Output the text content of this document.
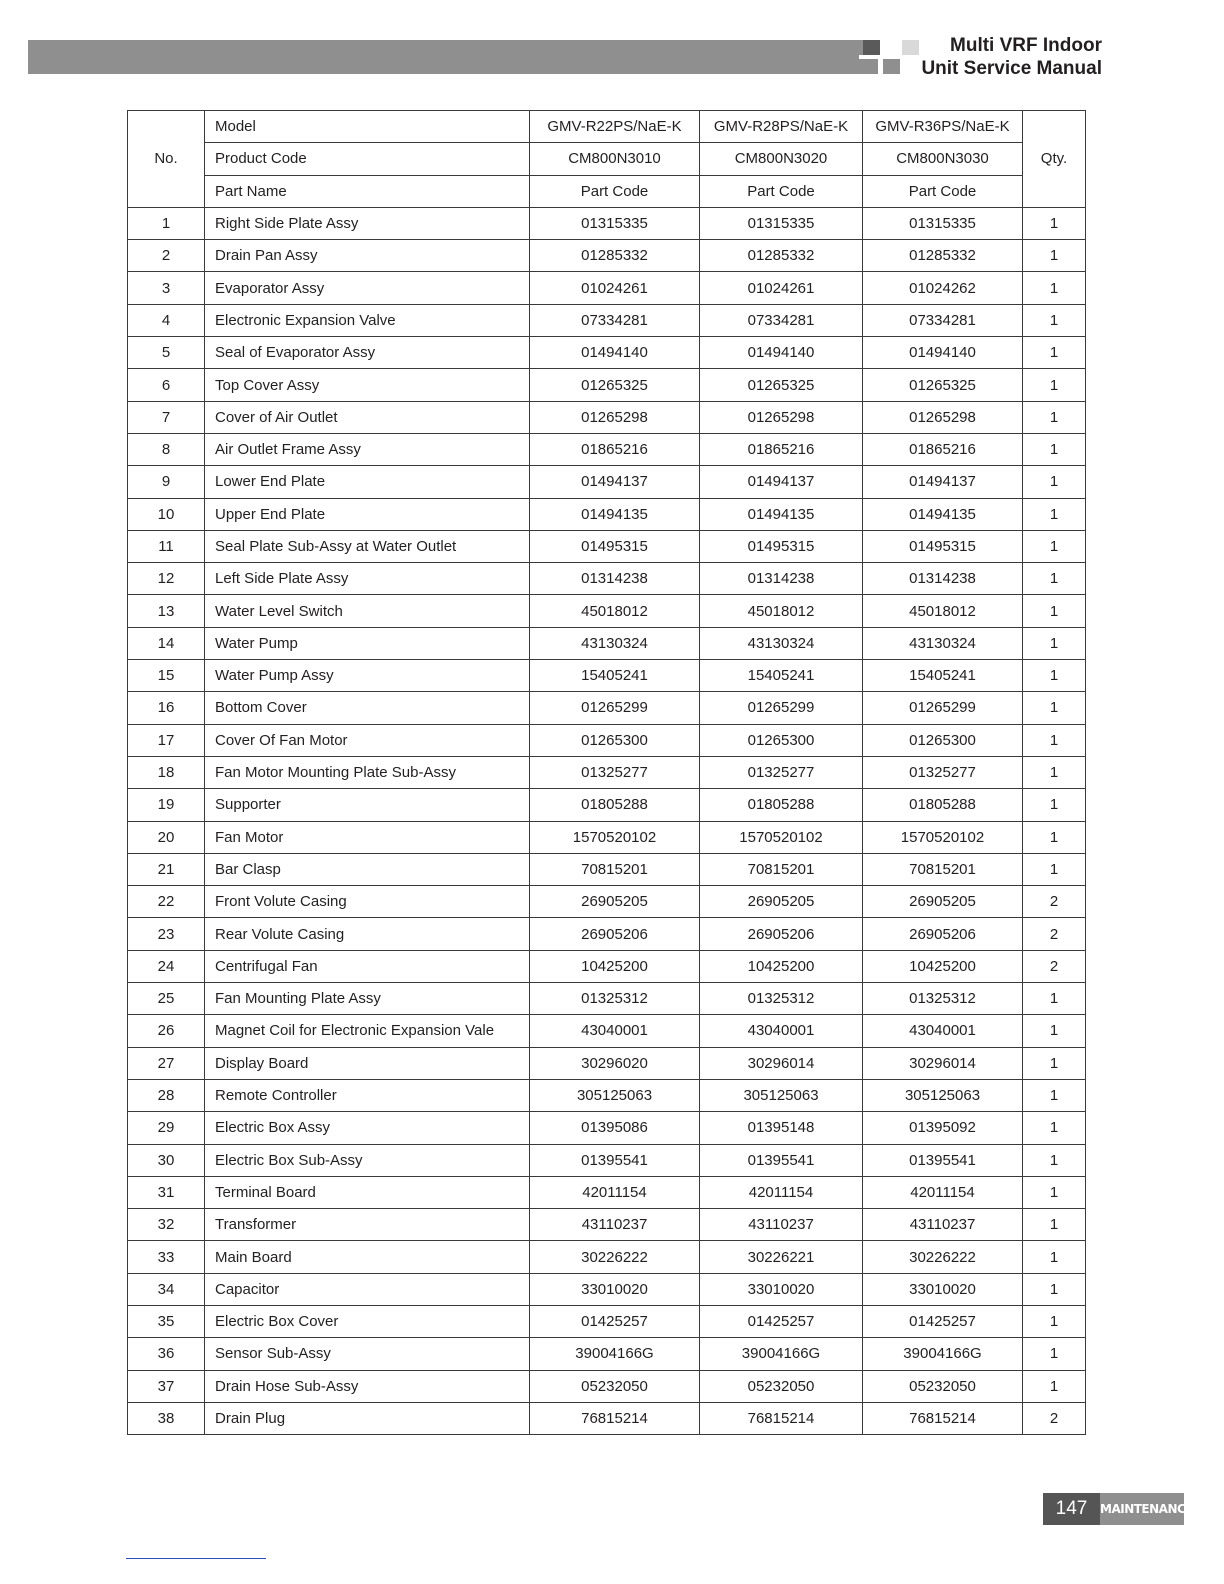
Multi VRF Indoor
Unit Service Manual
No.	Model	GMV-R22PS/NaE-K	GMV-R28PS/NaE-K	GMV-R36PS/NaE-K	Qty.
	Product Code	CM800N3010	CM800N3020	CM800N3030	
	Part Name	Part Code	Part Code	Part Code	
1	Right Side Plate Assy	01315335	01315335	01315335	1
2	Drain Pan Assy	01285332	01285332	01285332	1
3	Evaporator Assy	01024261	01024261	01024262	1
4	Electronic Expansion Valve	07334281	07334281	07334281	1
5	Seal of Evaporator Assy	01494140	01494140	01494140	1
6	Top Cover Assy	01265325	01265325	01265325	1
7	Cover of Air Outlet	01265298	01265298	01265298	1
8	Air Outlet Frame Assy	01865216	01865216	01865216	1
9	Lower End Plate	01494137	01494137	01494137	1
10	Upper End Plate	01494135	01494135	01494135	1
11	Seal Plate Sub-Assy at Water Outlet	01495315	01495315	01495315	1
12	Left Side Plate Assy	01314238	01314238	01314238	1
13	Water Level Switch	45018012	45018012	45018012	1
14	Water Pump	43130324	43130324	43130324	1
15	Water Pump Assy	15405241	15405241	15405241	1
16	Bottom Cover	01265299	01265299	01265299	1
17	Cover Of Fan Motor	01265300	01265300	01265300	1
18	Fan Motor Mounting Plate Sub-Assy	01325277	01325277	01325277	1
19	Supporter	01805288	01805288	01805288	1
20	Fan Motor	1570520102	1570520102	1570520102	1
21	Bar Clasp	70815201	70815201	70815201	1
22	Front Volute Casing	26905205	26905205	26905205	2
23	Rear Volute Casing	26905206	26905206	26905206	2
24	Centrifugal Fan	10425200	10425200	10425200	2
25	Fan Mounting Plate Assy	01325312	01325312	01325312	1
26	Magnet Coil for Electronic Expansion Vale	43040001	43040001	43040001	1
27	Display Board	30296020	30296014	30296014	1
28	Remote Controller	305125063	305125063	305125063	1
29	Electric Box Assy	01395086	01395148	01395092	1
30	Electric Box Sub-Assy	01395541	01395541	01395541	1
31	Terminal Board	42011154	42011154	42011154	1
32	Transformer	43110237	43110237	43110237	1
33	Main Board	30226222	30226221	30226222	1
34	Capacitor	33010020	33010020	33010020	1
35	Electric Box Cover	01425257	01425257	01425257	1
36	Sensor Sub-Assy	39004166G	39004166G	39004166G	1
37	Drain Hose Sub-Assy	05232050	05232050	05232050	1
38	Drain Plug	76815214	76815214	76815214	2
147	MAINTENANCE
